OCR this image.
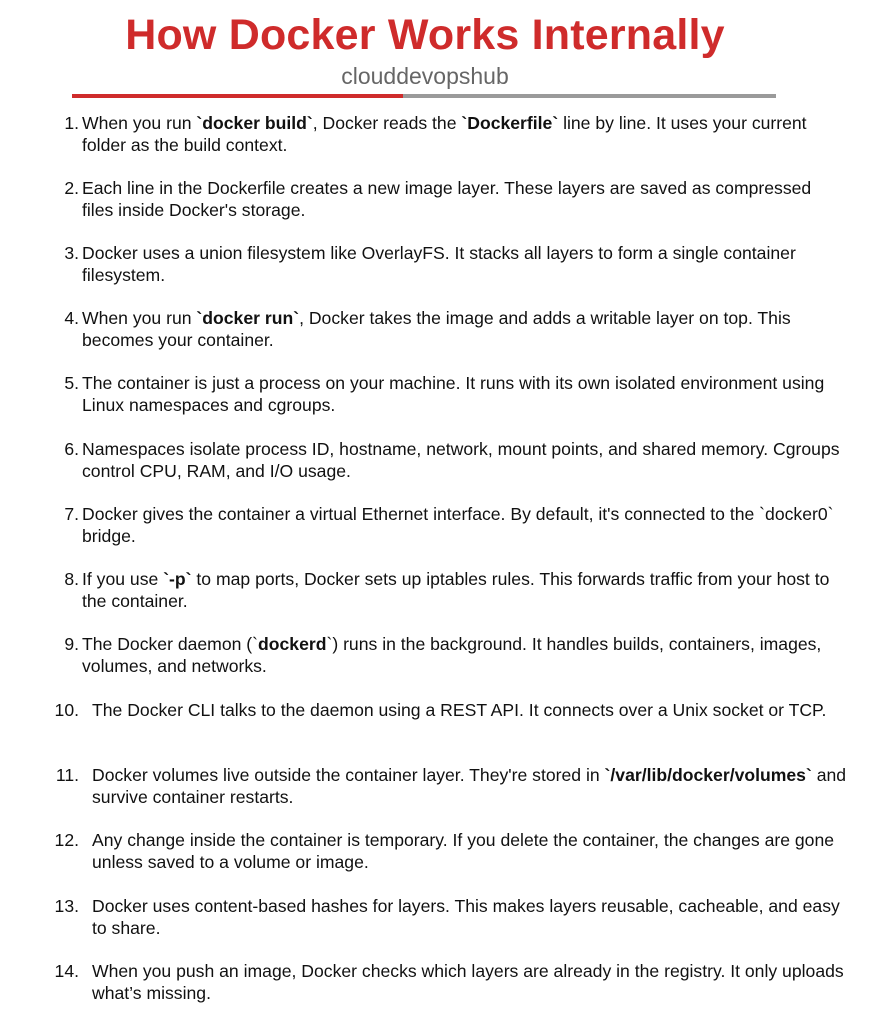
How Docker Works Internally
clouddevopshub
1. When you run `docker build`, Docker reads the `Dockerfile` line by line. It uses your current folder as the build context.
2. Each line in the Dockerfile creates a new image layer. These layers are saved as compressed files inside Docker's storage.
3. Docker uses a union filesystem like OverlayFS. It stacks all layers to form a single container filesystem.
4. When you run `docker run`, Docker takes the image and adds a writable layer on top. This becomes your container.
5. The container is just a process on your machine. It runs with its own isolated environment using Linux namespaces and cgroups.
6. Namespaces isolate process ID, hostname, network, mount points, and shared memory. Cgroups control CPU, RAM, and I/O usage.
7. Docker gives the container a virtual Ethernet interface. By default, it's connected to the `docker0` bridge.
8. If you use `-p` to map ports, Docker sets up iptables rules. This forwards traffic from your host to the container.
9. The Docker daemon (`dockerd`) runs in the background. It handles builds, containers, images, volumes, and networks.
10. The Docker CLI talks to the daemon using a REST API. It connects over a Unix socket or TCP.
11. Docker volumes live outside the container layer. They're stored in `/var/lib/docker/volumes` and survive container restarts.
12. Any change inside the container is temporary. If you delete the container, the changes are gone unless saved to a volume or image.
13. Docker uses content-based hashes for layers. This makes layers reusable, cacheable, and easy to share.
14. When you push an image, Docker checks which layers are already in the registry. It only uploads what’s missing.
